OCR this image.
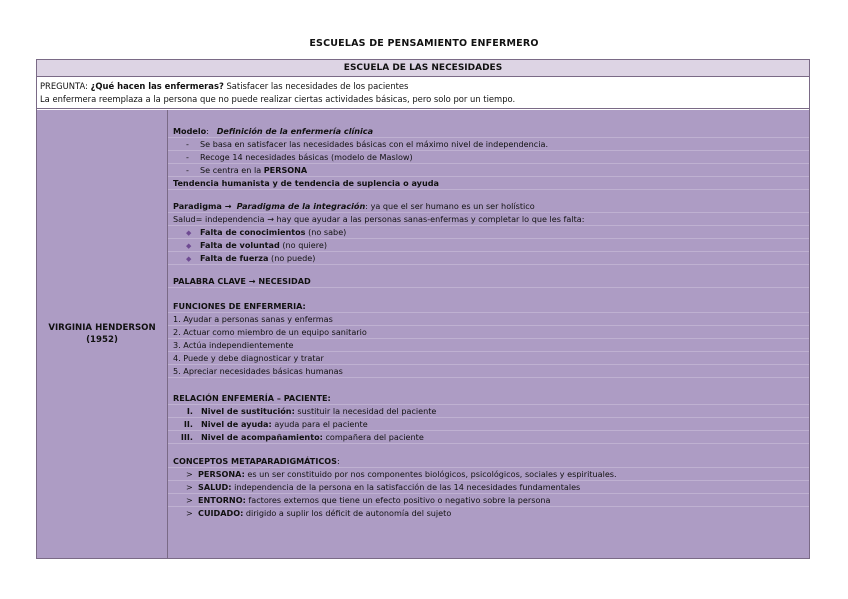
ESCUELAS DE PENSAMIENTO ENFERMERO
ESCUELA DE LAS NECESIDADES
PREGUNTA: ¿Qué hacen las enfermeras? Satisfacer las necesidades de los pacientes
La enfermera reemplaza a la persona que no puede realizar ciertas actividades básicas, pero solo por un tiempo.
VIRGINIA HENDERSON
(1952)
Modelo: Definición de la enfermería clínica
- Se basa en satisfacer las necesidades básicas con el máximo nivel de independencia.
- Recoge 14 necesidades básicas (modelo de Maslow)
- Se centra en la PERSONA
Tendencia humanista y de tendencia de suplencia o ayuda
Paradigma → Paradigma de la integración: ya que el ser humano es un ser holístico
Salud= independencia → hay que ayudar a las personas sanas-enfermas y completar lo que les falta:
◆ Falta de conocimientos (no sabe)
◆ Falta de voluntad (no quiere)
◆ Falta de fuerza (no puede)
PALABRA CLAVE → NECESIDAD
FUNCIONES DE ENFERMERIA:
1. Ayudar a personas sanas y enfermas
2. Actuar como miembro de un equipo sanitario
3. Actúa independientemente
4. Puede y debe diagnosticar y tratar
5. Apreciar necesidades básicas humanas
RELACIÓN ENFEMERÍA – PACIENTE:
I. Nivel de sustitución: sustituir la necesidad del paciente
II. Nivel de ayuda: ayuda para el paciente
III. Nivel de acompañamiento: compañera del paciente
CONCEPTOS METAPARADIGMÁTICOS:
> PERSONA: es un ser constituido por nos componentes biológicos, psicológicos, sociales y espirituales.
> SALUD: independencia de la persona en la satisfacción de las 14 necesidades fundamentales
> ENTORNO: factores externos que tiene un efecto positivo o negativo sobre la persona
> CUIDADO: dirigido a suplir los déficit de autonomía del sujeto
